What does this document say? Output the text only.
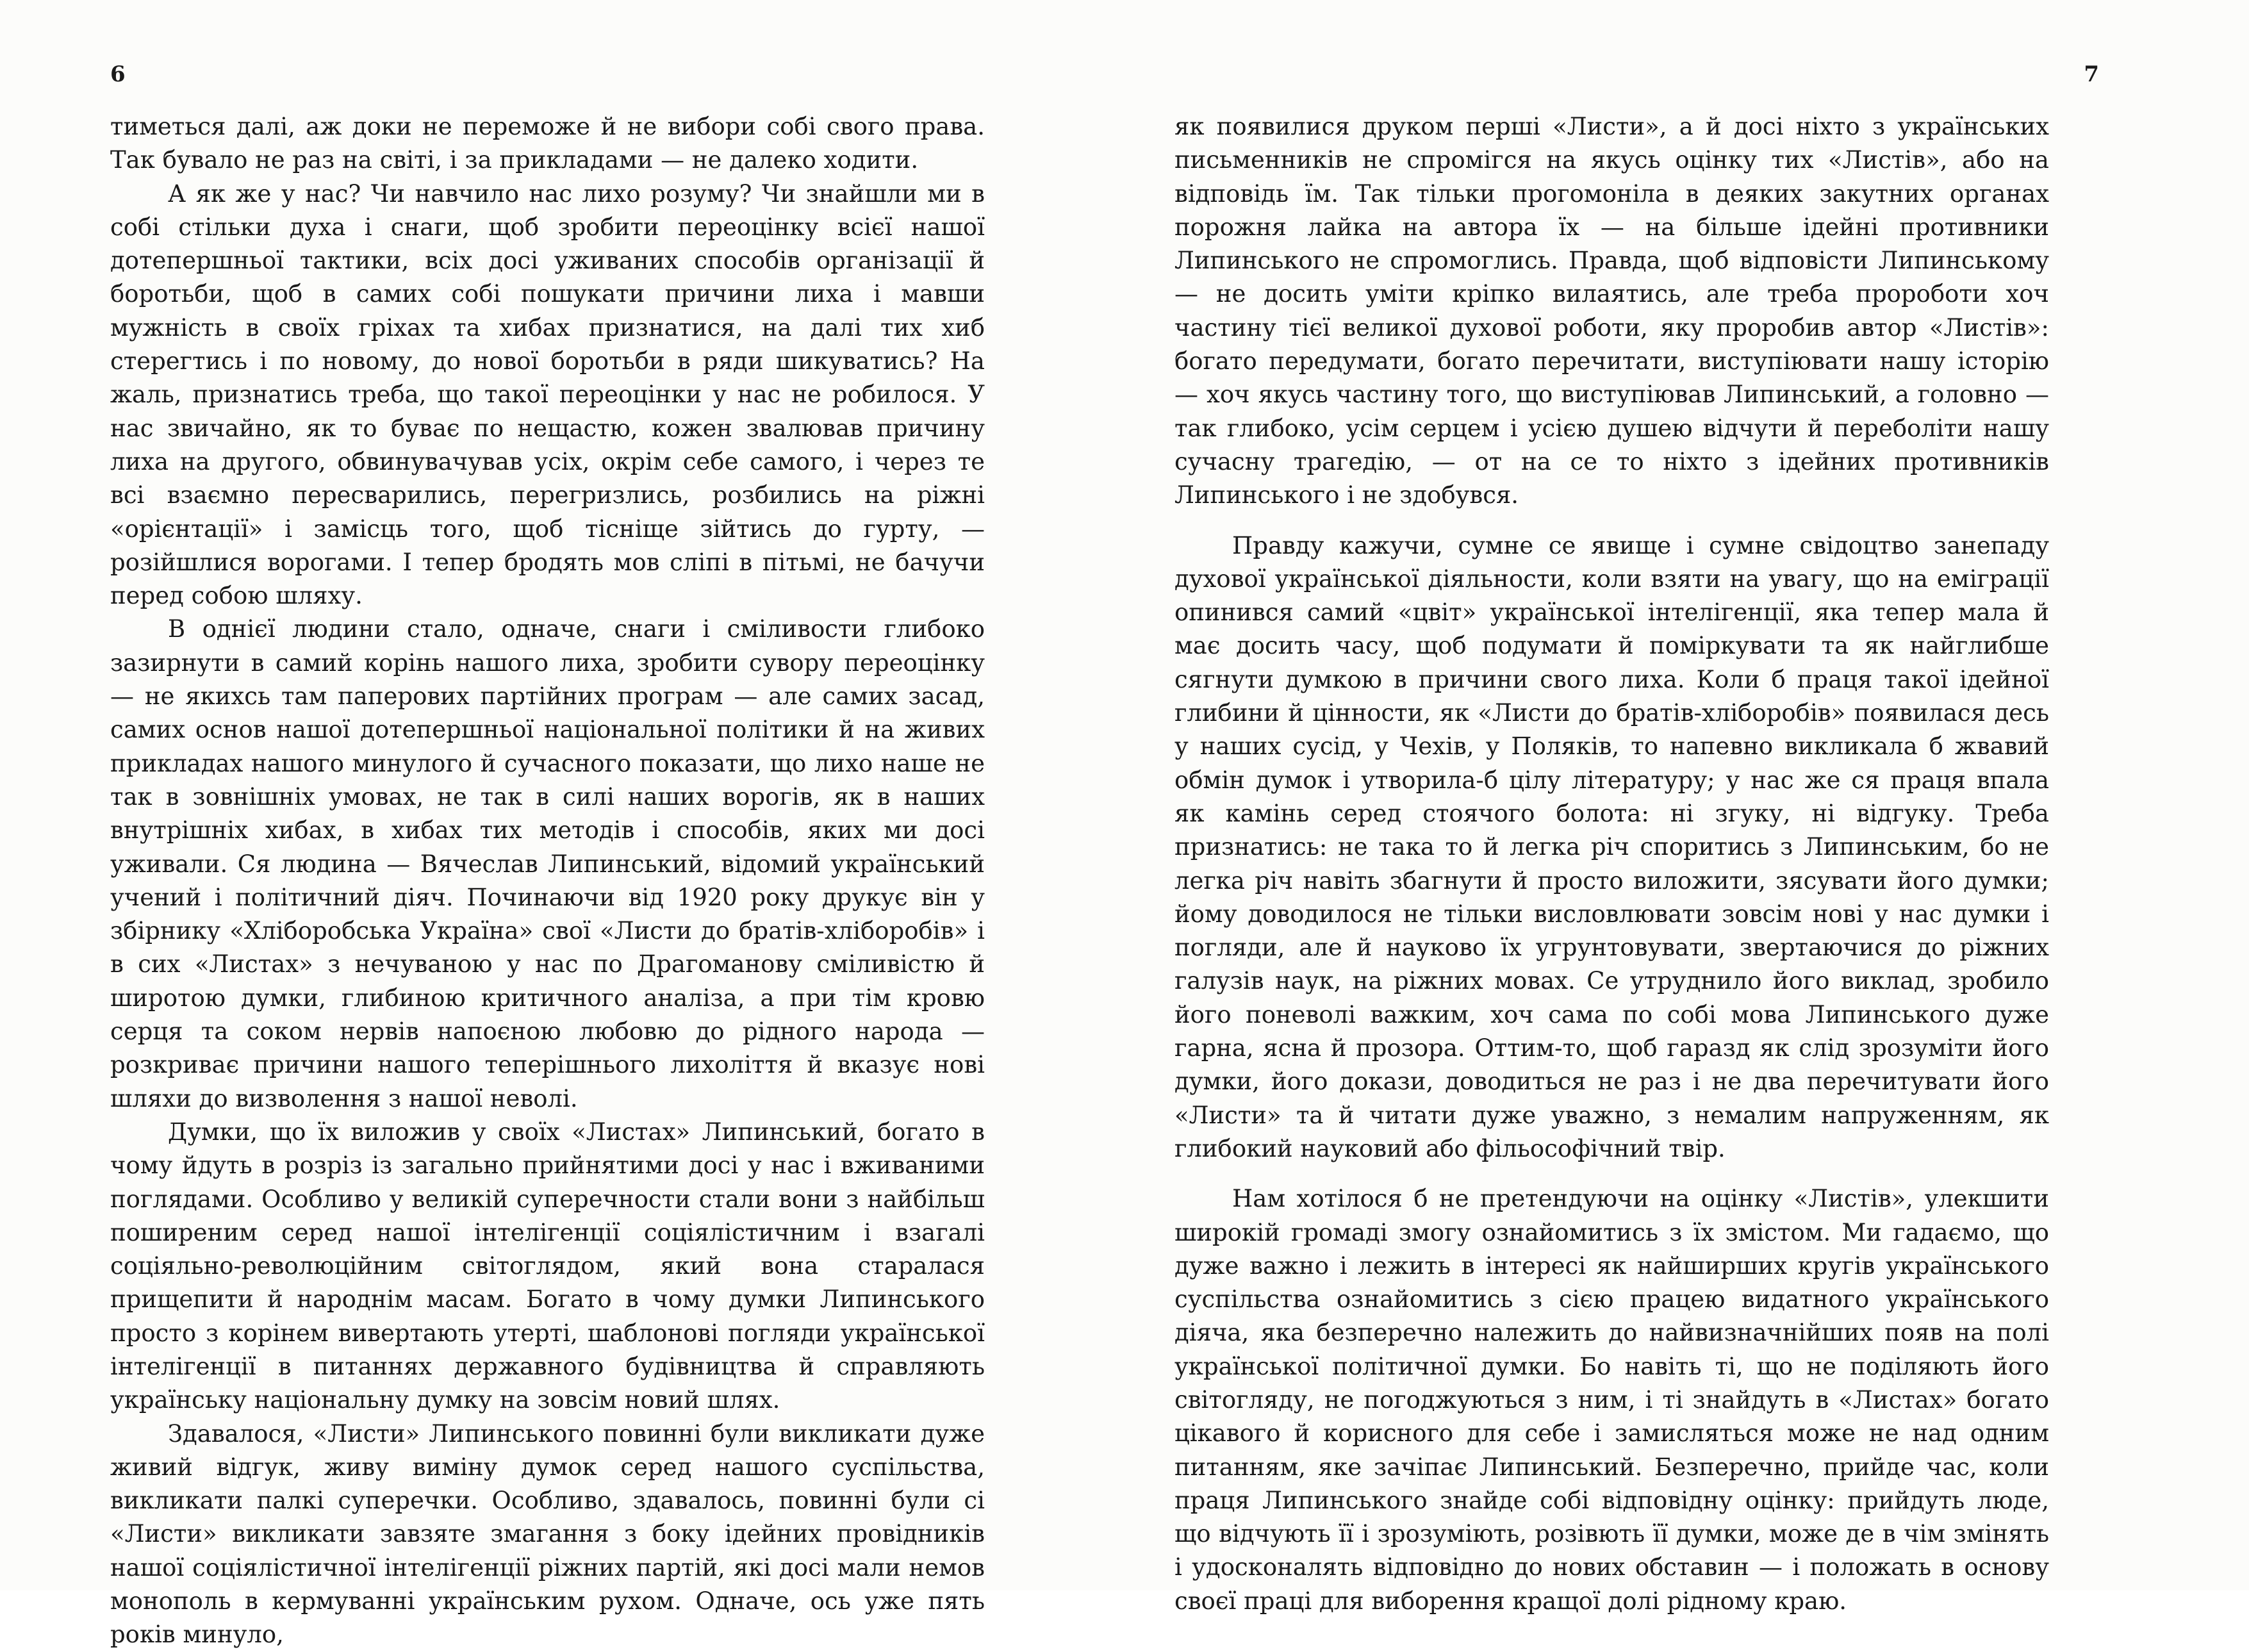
6

тиметься далі, аж доки не переможе й не вибори собі свого права. Так бувало не раз на світі, і за прикладами — не далеко ходити.

А як же у нас? Чи навчило нас лихо розуму? Чи знайшли ми в собі стільки духа і снаги, щоб зробити переоцінку всієї нашої дотепершньої тактики, всіх досі уживаних способів організації й боротьби, щоб в самих собі пошукати причини лиха і мавши мужність в своїх гріхах та хибах признатися, на далі тих хиб стерегтись і по новому, до нової боротьби в ряди шикуватись? На жаль, признатись треба, що такої переоцінки у нас не робилося. У нас звичайно, як то буває по нещастю, кожен звалював причину лиха на другого, обвинувачував усіх, окрім себе самого, і через те всі взаємно пересварились, перегризлись, розбились на ріжні «орієнтації» і замісць того, щоб тісніще зійтись до гурту, — розійшлися ворогами. І тепер бродять мов сліпі в пітьмі, не бачучи перед собою шляху.

В однієї людини стало, одначе, снаги і сміливости глибоко зазирнути в самий корінь нашого лиха, зробити сувору переоцінку — не якихсь там паперових партійних програм — але самих засад, самих основ нашої дотепершньої національної політики й на живих прикладах нашого минулого й сучасного показати, що лихо наше не так в зовнішніх умовах, не так в силі наших ворогів, як в наших внутрішніх хибах, в хибах тих методів і способів, яких ми досі уживали. Ся людина — Вячеслав Липинський, відомий український учений і політичний діяч. Починаючи від 1920 року друкує він у збірнику «Хліборобська Україна» свої «Листи до братів-хліборобів» і в сих «Листах» з нечуваною у нас по Драгоманову сміливістю й широтою думки, глибиною критичного аналіза, а при тім кровю серця та соком нервів напоєною любовю до рідного народа — розкриває причини нашого теперішнього лихоліття й вказує нові шляхи до визволення з нашої неволі.

Думки, що їх виложив у своїх «Листах» Липинський, богато в чому йдуть в розріз із загально прийнятими досі у нас і вживаними поглядами. Особливо у великій суперечности стали вони з найбільш поширеним серед нашої інтелігенції соціялістичним і взагалі соціяльно-революційним світоглядом, який вона старалася прищепити й народнім масам. Богато в чому думки Липинського просто з корінем вивертають утерті, шаблонові погляди української інтелігенції в питаннях державного будівництва й справляють українську національну думку на зовсім новий шлях.

Здавалося, «Листи» Липинського повинні були викликати дуже живий відгук, живу виміну думок серед нашого суспільства, викликати палкі суперечки. Особливо, здавалось, повинні були сі «Листи» викликати завзяте змагання з боку ідейних провідників нашої соціялістичної інтелігенції ріжних партій, які досі мали немов монополь в кермуванні українським рухом. Одначе, ось уже пять років минуло,

7

як появилися друком перші «Листи», а й досі ніхто з українських письменників не спромігся на якусь оцінку тих «Листів», або на відповідь їм. Так тільки прогомоніла в деяких закутних органах порожня лайка на автора їх — на більше ідейні противники Липинського не спромоглись. Правда, щоб відповісти Липинському — не досить уміти кріпко вилаятись, але треба пророботи хоч частину тієї великої духової роботи, яку проробив автор «Листів»: богато передумати, богато перечитати, виступіювати нашу історію — хоч якусь частину того, що виступіював Липинський, а головно — так глибоко, усім серцем і усією душею відчути й переболіти нашу сучасну трагедію, — от на се то ніхто з ідейних противників Липинського і не здобувся.

Правду кажучи, сумне се явище і сумне свідоцтво занепаду духової української діяльности, коли взяти на увагу, що на еміграції опинився самий «цвіт» української інтелігенції, яка тепер мала й має досить часу, щоб подумати й поміркувати та як найглибше сягнути думкою в причини свого лиха. Коли б праця такої ідейної глибини й цінности, як «Листи до братів-хліборобів» появилася десь у наших сусід, у Чехів, у Поляків, то напевно викликала б жвавий обмін думок і утворила-б цілу літературу; у нас же ся праця впала як камінь серед стоячого болота: ні згуку, ні відгуку. Треба признатись: не така то й легка річ споритись з Липинським, бо не легка річ навіть збагнути й просто виложити, зясувати його думки; йому доводилося не тільки висловлювати зовсім нові у нас думки і погляди, але й науково їх угрунтовувати, звертаючися до ріжних галузів наук, на ріжних мовах. Се утруднило його виклад, зробило його поневолі важким, хоч сама по собі мова Липинського дуже гарна, ясна й прозора. Оттим-то, щоб гаразд як слід зрозуміти його думки, його докази, доводиться не раз і не два перечитувати його «Листи» та й читати дуже уважно, з немалим напруженням, як глибокий науковий або фільософічний твір.

Нам хотілося б не претендуючи на оцінку «Листів», улекшити широкій громаді змогу ознайомитись з їх змістом. Ми гадаємо, що дуже важно і лежить в інтересі як найширших кругів українського суспільства ознайомитись з сією працею видатного українського діяча, яка безперечно належить до найвизначнійших появ на полі української політичної думки. Бо навіть ті, що не поділяють його світогляду, не погоджуються з ним, і ті знайдуть в «Листах» богато цікавого й корисного для себе і замисляться може не над одним питанням, яке зачіпає Липинський. Безперечно, прийде час, коли праця Липинського знайде собі відповідну оцінку: прийдуть люде, що відчують її і зрозуміють, розівють її думки, може де в чім змінять і удосконалять відповідно до нових обставин — і положать в основу своєї праці для виборення кращої долі рідному краю.
